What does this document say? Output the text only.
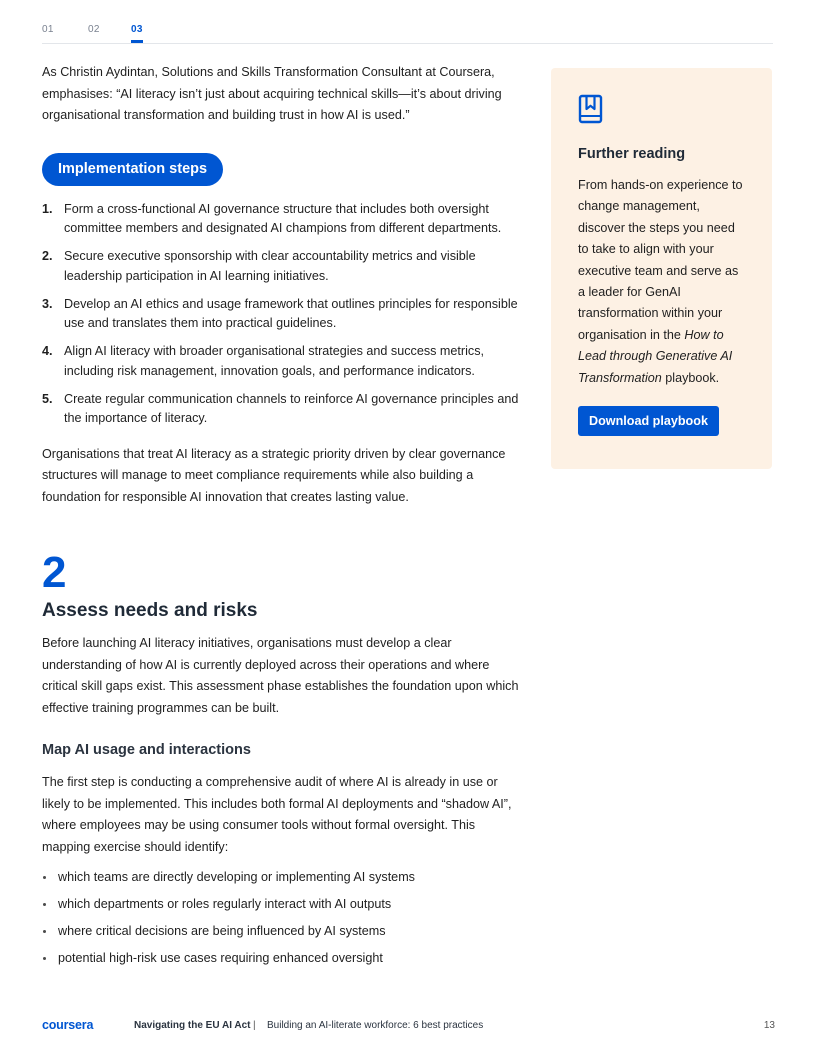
01	02	03

As Christin Aydintan, Solutions and Skills Transformation Consultant at Coursera, emphasises: “AI literacy isn’t just about acquiring technical skills—it’s about driving organisational transformation and building trust in how AI is used.”

Implementation steps
1. Form a cross-functional AI governance structure that includes both oversight committee members and designated AI champions from different departments.
2. Secure executive sponsorship with clear accountability metrics and visible leadership participation in AI learning initiatives.
3. Develop an AI ethics and usage framework that outlines principles for responsible use and translates them into practical guidelines.
4. Align AI literacy with broader organisational strategies and success metrics, including risk management, innovation goals, and performance indicators.
5. Create regular communication channels to reinforce AI governance principles and the importance of literacy.

Organisations that treat AI literacy as a strategic priority driven by clear governance structures will manage to meet compliance requirements while also building a foundation for responsible AI innovation that creates lasting value.

2
Assess needs and risks

Before launching AI literacy initiatives, organisations must develop a clear understanding of how AI is currently deployed across their operations and where critical skill gaps exist. This assessment phase establishes the foundation upon which effective training programmes can be built.

Map AI usage and interactions

The first step is conducting a comprehensive audit of where AI is already in use or likely to be implemented. This includes both formal AI deployments and “shadow AI”, where employees may be using consumer tools without formal oversight. This mapping exercise should identify:

which teams are directly developing or implementing AI systems
which departments or roles regularly interact with AI outputs
where critical decisions are being influenced by AI systems
potential high-risk use cases requiring enhanced oversight
Further reading

From hands-on experience to change management, discover the steps you need to take to align with your executive team and serve as a leader for GenAI transformation within your organisation in the How to Lead through Generative AI Transformation playbook.

Download playbook
coursera	Navigating the EU AI Act | Building an AI-literate workforce: 6 best practices	13
